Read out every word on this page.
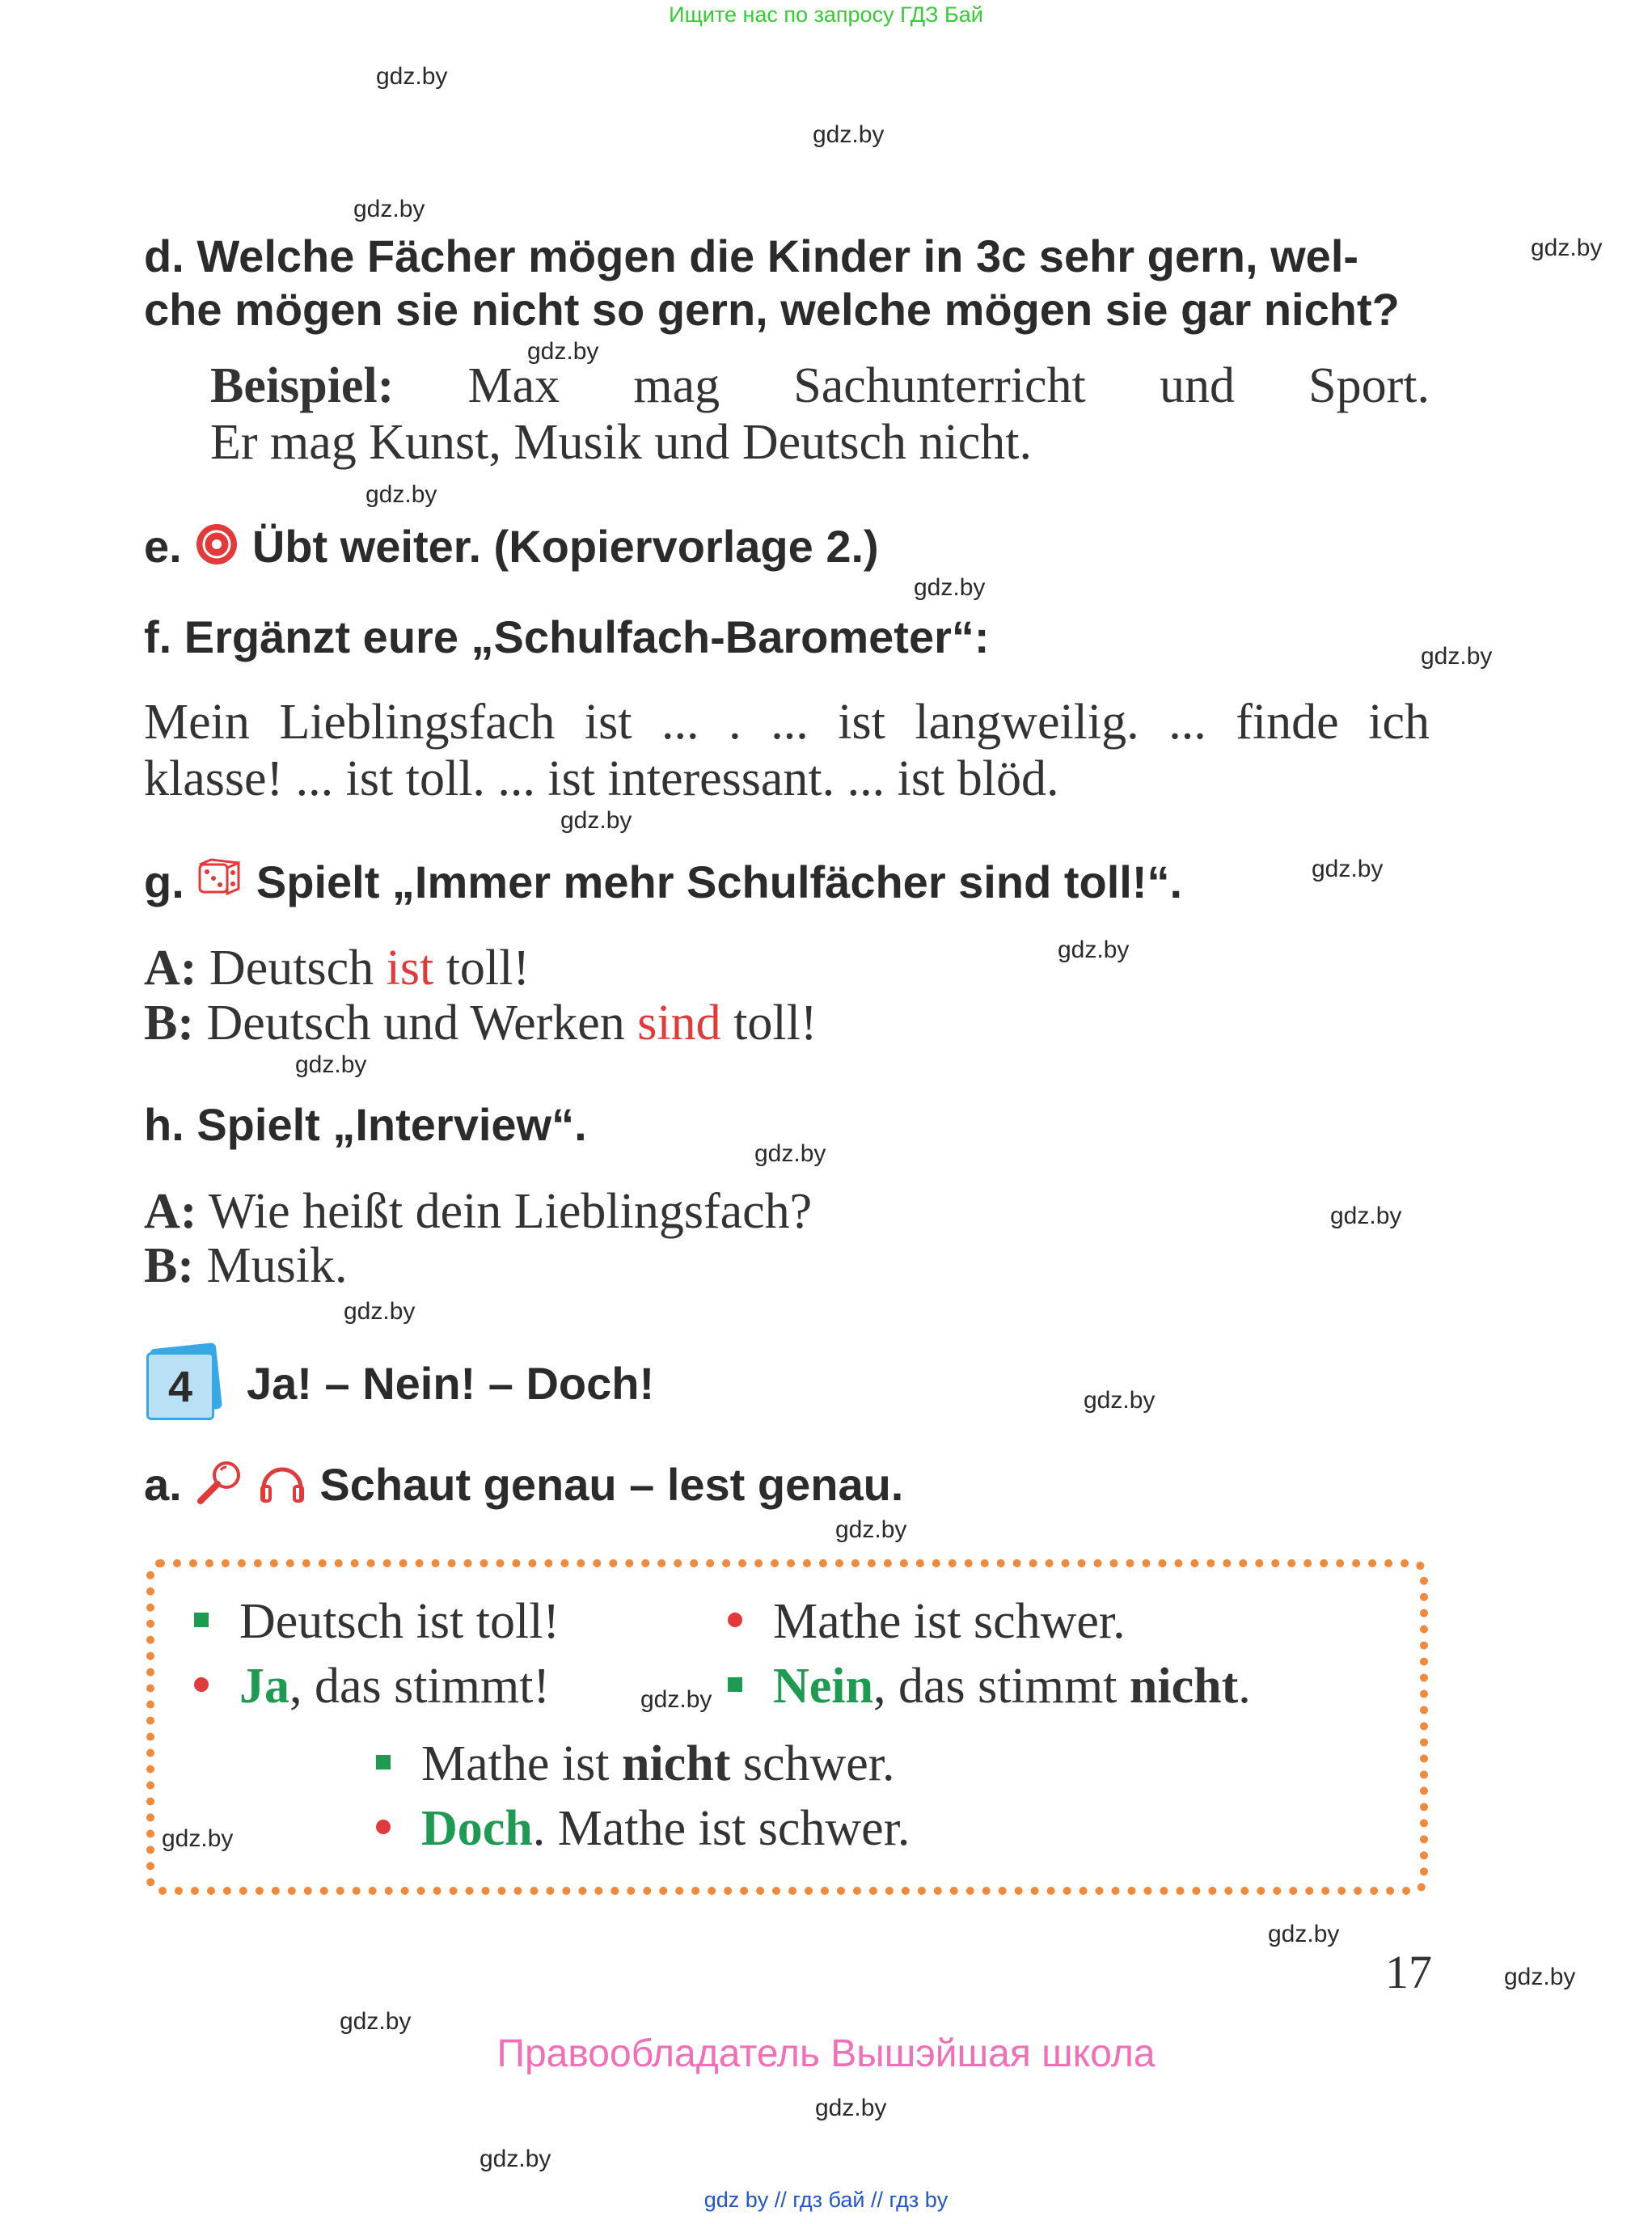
Ищите нас по запросу ГДЗ Бай
gdz.by
gdz.by
gdz.by
gdz.by
gdz.by
gdz.by
gdz.by
gdz.by
gdz.by
gdz.by
gdz.by
gdz.by
gdz.by
gdz.by
gdz.by
gdz.by
gdz.by
gdz.by
gdz.by
gdz.by
gdz.by
gdz.by
gdz.by
gdz.by
d. Welche Fächer mögen die Kinder in 3c sehr gern, wel-
che mögen sie nicht so gern, welche mögen sie gar nicht?
Beispiel: Max mag Sachunterricht und Sport.
Er mag Kunst, Musik und Deutsch nicht.
e. Übt weiter. (Kopiervorlage 2.)
f. Ergänzt eure „Schulfach-Barometer“:
Mein Lieblingsfach ist ... . ... ist langweilig. ... finde ich
klasse! ... ist toll. ... ist interessant. ... ist blöd.
g. Spielt „Immer mehr Schulfächer sind toll!“.
A: Deutsch ist toll!
B: Deutsch und Werken sind toll!
h. Spielt „Interview“.
A: Wie heißt dein Lieblingsfach?
B: Musik.
4	Ja! – Nein! – Doch!
a.	Schaut genau – lest genau.
Deutsch ist toll!	Mathe ist schwer.
Ja, das stimmt!	Nein, das stimmt nicht.
Mathe ist nicht schwer.
Doch. Mathe ist schwer.
17
Правообладатель Вышэйшая школа
gdz by // гдз бай // гдз by
